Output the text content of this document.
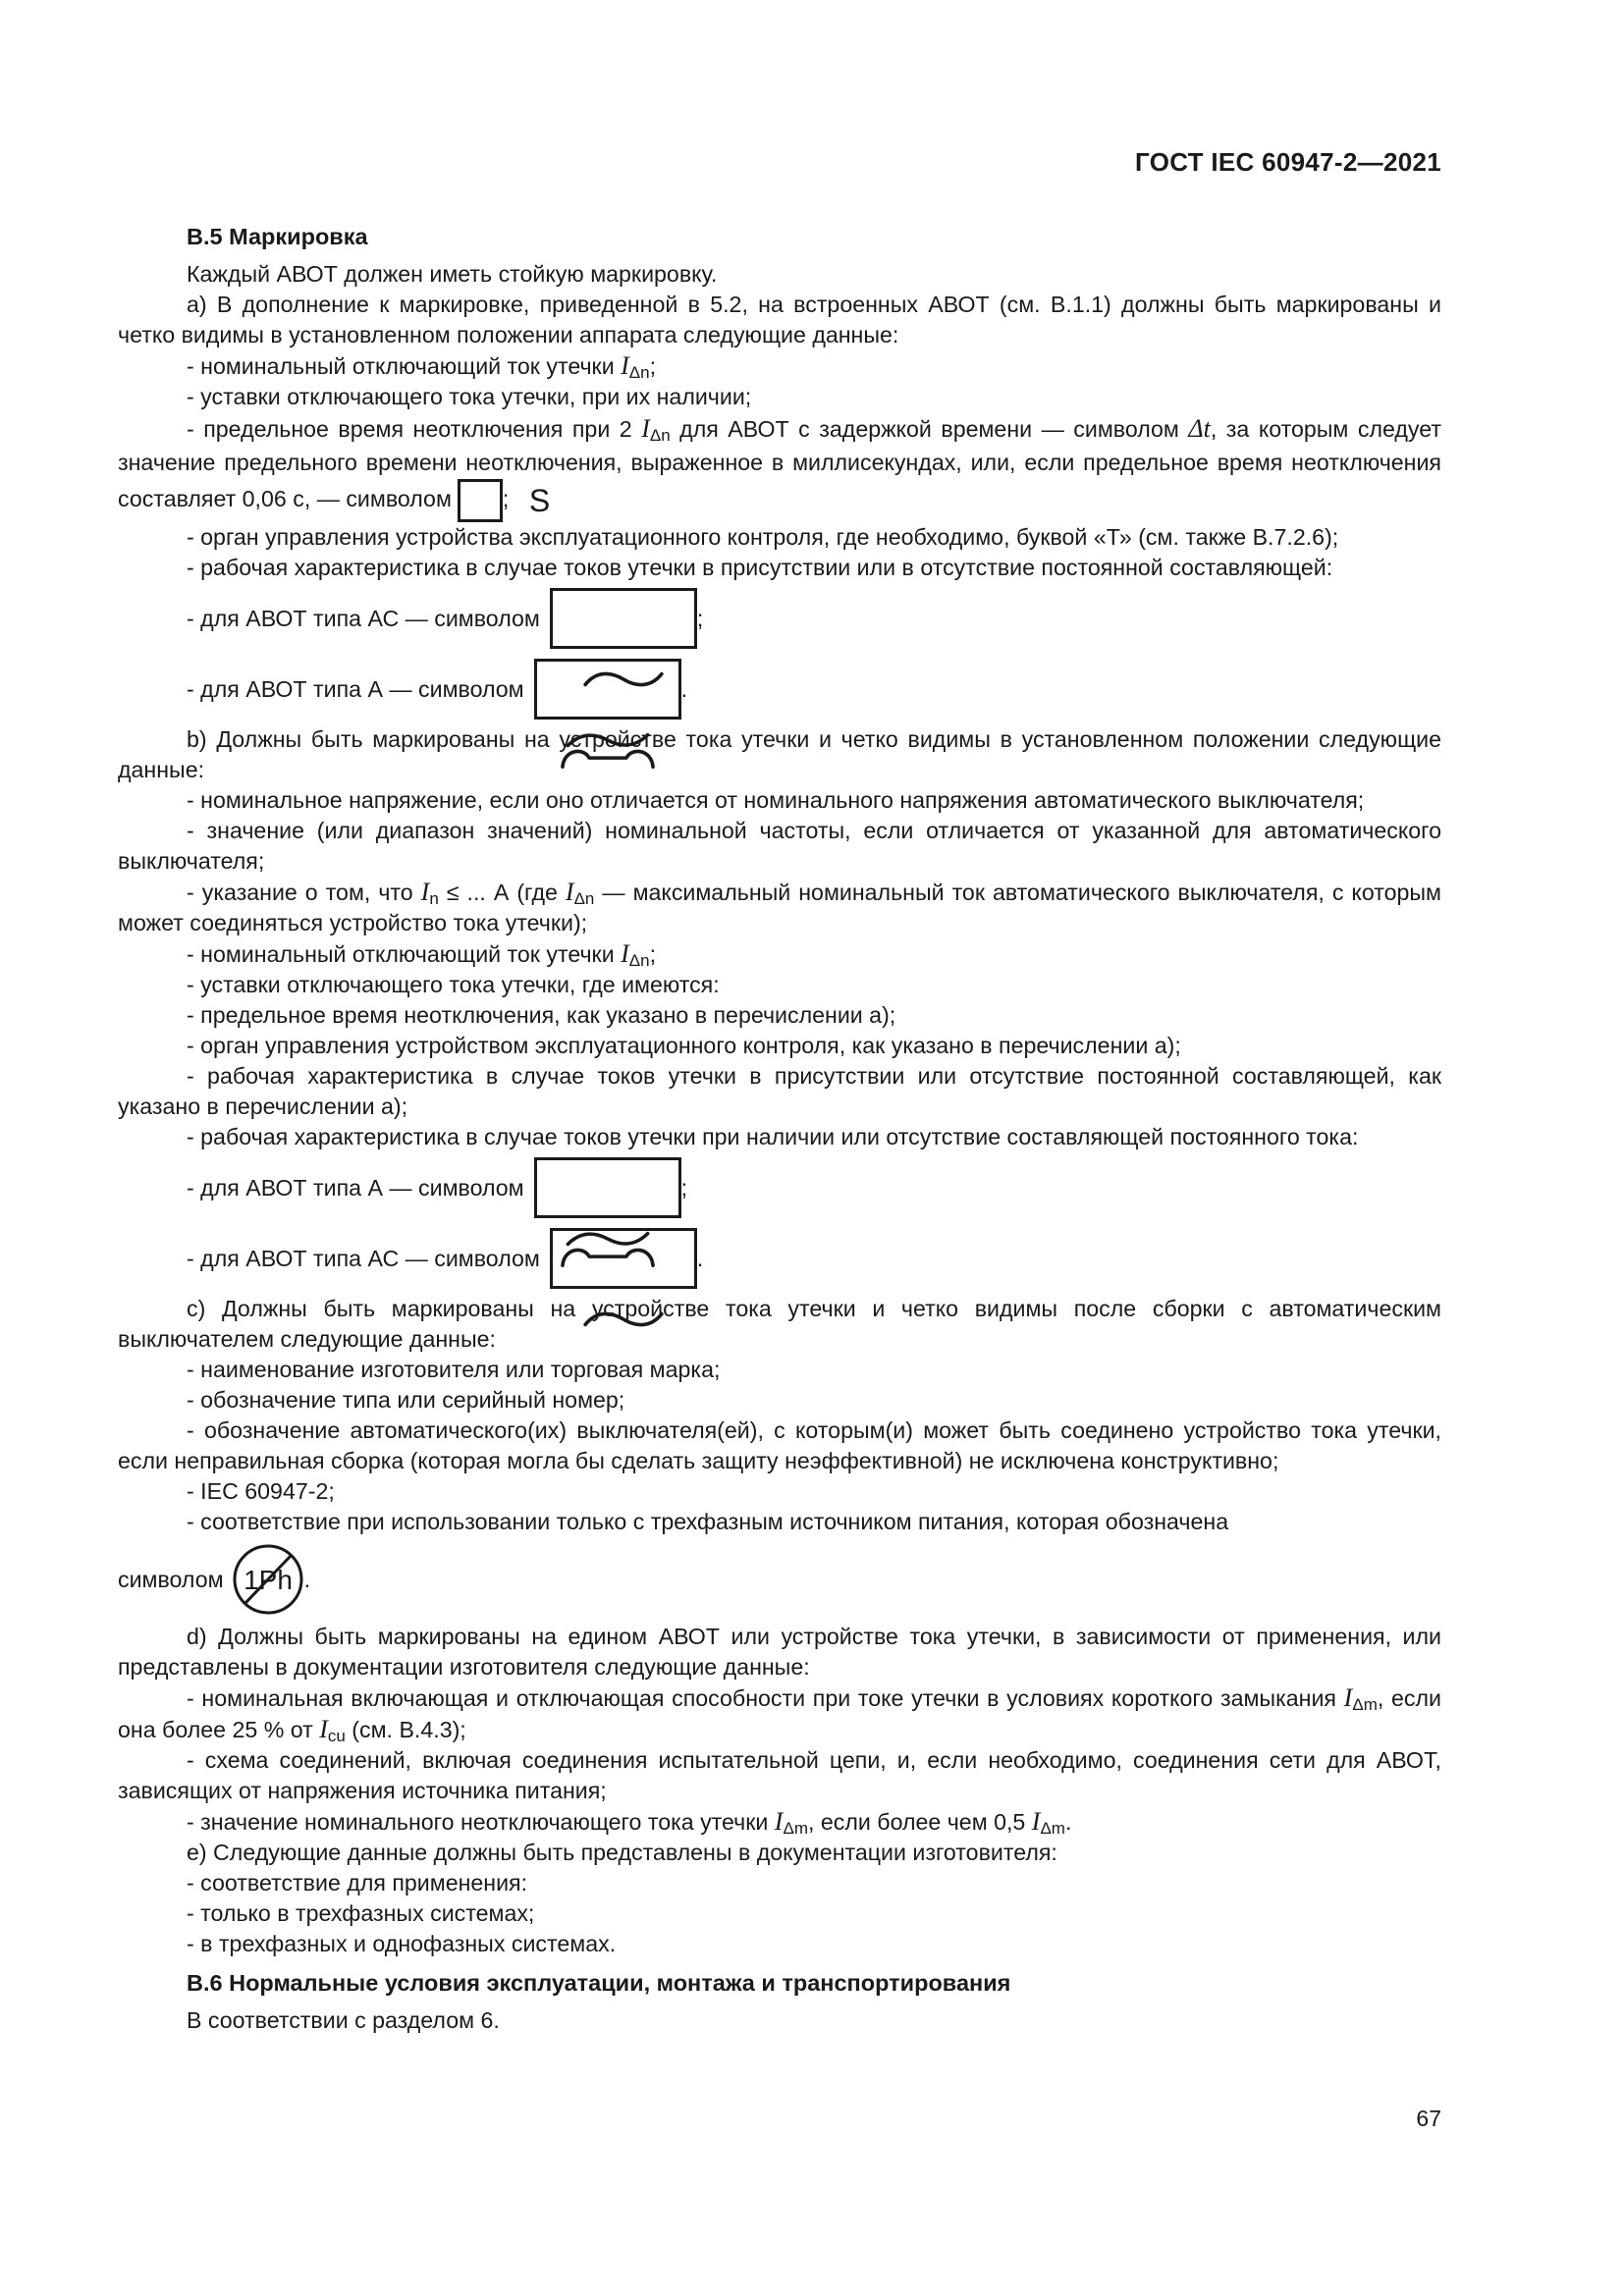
ГОСТ IEC 60947-2—2021
B.5 Маркировка

Каждый АВОТ должен иметь стойкую маркировку.

а) В дополнение к маркировке, приведенной в 5.2, на встроенных АВОТ (см. В.1.1) должны быть маркированы и четко видимы в установленном положении аппарата следующие данные:

- номинальный отключающий ток утечки $I_{\Delta n}$;

- уставки отключающего тока утечки, при их наличии;

- предельное время неотключения при 2 $I_{\Delta n}$ для АВОТ с задержкой времени — символом Δt, за которым следует значение предельного времени неотключения, выраженное в миллисекундах, или, если предельное время неотключения составляет 0,06 с, — символом S;

- орган управления устройства эксплуатационного контроля, где необходимо, буквой «Т» (см. также В.7.2.6);

- рабочая характеристика в случае токов утечки в присутствии или в отсутствие постоянной составляющей:

- для АВОТ типа АС — символом

	;
- для АВОТ типа А — символом

	.

b) Должны быть маркированы на устройстве тока утечки и четко видимы в установленном положении следующие данные:

- номинальное напряжение, если оно отличается от номинального напряжения автоматического выключателя;

- значение (или диапазон значений) номинальной частоты, если отличается от указанной для автоматического выключателя;

- указание о том, что $I_n$ ≤ ... А (где $I_{\Delta n}$ — максимальный номинальный ток автоматического выключателя, с которым может соединяться устройство тока утечки);

- номинальный отключающий ток утечки $I_{\Delta n}$;

- уставки отключающего тока утечки, где имеются:

- предельное время неотключения, как указано в перечислении а);

- орган управления устройством эксплуатационного контроля, как указано в перечислении а);

- рабочая характеристика в случае токов утечки в присутствии или отсутствие постоянной составляющей, как указано в перечислении а);

- рабочая характеристика в случае токов утечки при наличии или отсутствие составляющей постоянного тока:

- для АВОТ типа А — символом

	;
- для АВОТ типа АС — символом

	.

с) Должны быть маркированы на устройстве тока утечки и четко видимы после сборки с автоматическим выключателем следующие данные:

- наименование изготовителя или торговая марка;

- обозначение типа или серийный номер;

- обозначение автоматического(их) выключателя(ей), с которым(и) может быть соединено устройство тока утечки, если неправильная сборка (которая могла бы сделать защиту неэффективной) не исключена конструктивно;

- IEC 60947-2;

- соответствие при использовании только с трехфазным источником питания, которая обозначена

символом 1Ph .

d) Должны быть маркированы на едином АВОТ или устройстве тока утечки, в зависимости от применения, или представлены в документации изготовителя следующие данные:

- номинальная включающая и отключающая способности при токе утечки в условиях короткого замыкания $I_{\Delta m}$, если она более 25 % от $I_{cu}$ (см. В.4.3);

- схема соединений, включая соединения испытательной цепи, и, если необходимо, соединения сети для АВОТ, зависящих от напряжения источника питания;

- значение номинального неотключающего тока утечки $I_{\Delta m}$, если более чем 0,5 $I_{\Delta m}$.

е) Следующие данные должны быть представлены в документации изготовителя:

- соответствие для применения:

- только в трехфазных системах;

- в трехфазных и однофазных системах.

B.6 Нормальные условия эксплуатации, монтажа и транспортирования

В соответствии с разделом 6.

67
